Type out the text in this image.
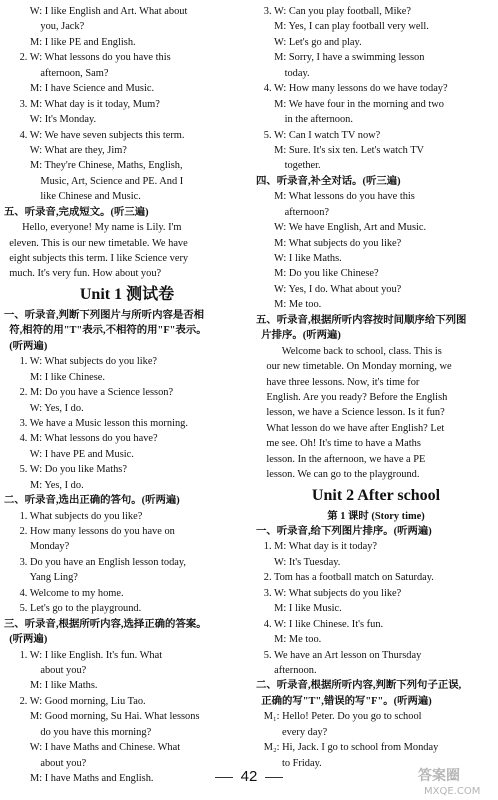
W: I like English and Art. What about
you, Jack?
M: I like PE and English.
2. W: What lessons do you have this
afternoon, Sam?
M: I have Science and Music.
3. M: What day is it today, Mum?
W: It's Monday.
4. W: We have seven subjects this term.
W: What are they, Jim?
M: They're Chinese, Maths, English,
Music, Art, Science and PE. And I
like Chinese and Music.
五、听录音,完成短文。(听三遍)
Hello, everyone! My name is Lily. I'm
eleven. This is our new timetable. We have
eight subjects this term. I like Science very
much. It's very fun. How about you?
Unit 1 测试卷
一、听录音,判断下列图片与所听内容是否相
符,相符的用"T"表示,不相符的用"F"表示。
(听两遍)
1. W: What subjects do you like?
M: I like Chinese.
2. M: Do you have a Science lesson?
W: Yes, I do.
3. We have a Music lesson this morning.
4. M: What lessons do you have?
W: I have PE and Music.
5. W: Do you like Maths?
M: Yes, I do.
二、听录音,选出正确的答句。(听两遍)
1. What subjects do you like?
2. How many lessons do you have on
Monday?
3. Do you have an English lesson today,
Yang Ling?
4. Welcome to my home.
5. Let's go to the playground.
三、听录音,根据所听内容,选择正确的答案。
(听两遍)
1. W: I like English. It's fun. What
about you?
M: I like Maths.
2. W: Good morning, Liu Tao.
M: Good morning, Su Hai. What lessons
do you have this morning?
W: I have Maths and Chinese. What
about you?
M: I have Maths and English.
3. W: Can you play football, Mike?
M: Yes, I can play football very well.
W: Let's go and play.
M: Sorry, I have a swimming lesson
today.
4. W: How many lessons do we have today?
M: We have four in the morning and two
in the afternoon.
5. W: Can I watch TV now?
M: Sure. It's six ten. Let's watch TV
together.
四、听录音,补全对话。(听三遍)
M: What lessons do you have this
afternoon?
W: We have English, Art and Music.
M: What subjects do you like?
W: I like Maths.
M: Do you like Chinese?
W: Yes, I do. What about you?
M: Me too.
五、听录音,根据所听内容按时间顺序给下列图
片排序。(听两遍)
Welcome back to school, class. This is
our new timetable. On Monday morning, we
have three lessons. Now, it's time for
English. Are you ready? Before the English
lesson, we have a Science lesson. Is it fun?
What lesson do we have after English? Let
me see. Oh! It's time to have a Maths
lesson. In the afternoon, we have a PE
lesson. We can go to the playground.
Unit 2 After school
第 1 课时 (Story time)
一、听录音,给下列图片排序。(听两遍)
1. M: What day is it today?
W: It's Tuesday.
2. Tom has a football match on Saturday.
3. W: What subjects do you like?
M: I like Music.
4. W: I like Chinese. It's fun.
M: Me too.
5. We have an Art lesson on Thursday
afternoon.
二、听录音,根据所听内容,判断下列句子正误,
正确的写"T",错误的写"F"。(听两遍)
M₁: Hello! Peter. Do you go to school
every day?
M₂: Hi, Jack. I go to school from Monday
to Friday.
42	答案圈
MXQE.COM
